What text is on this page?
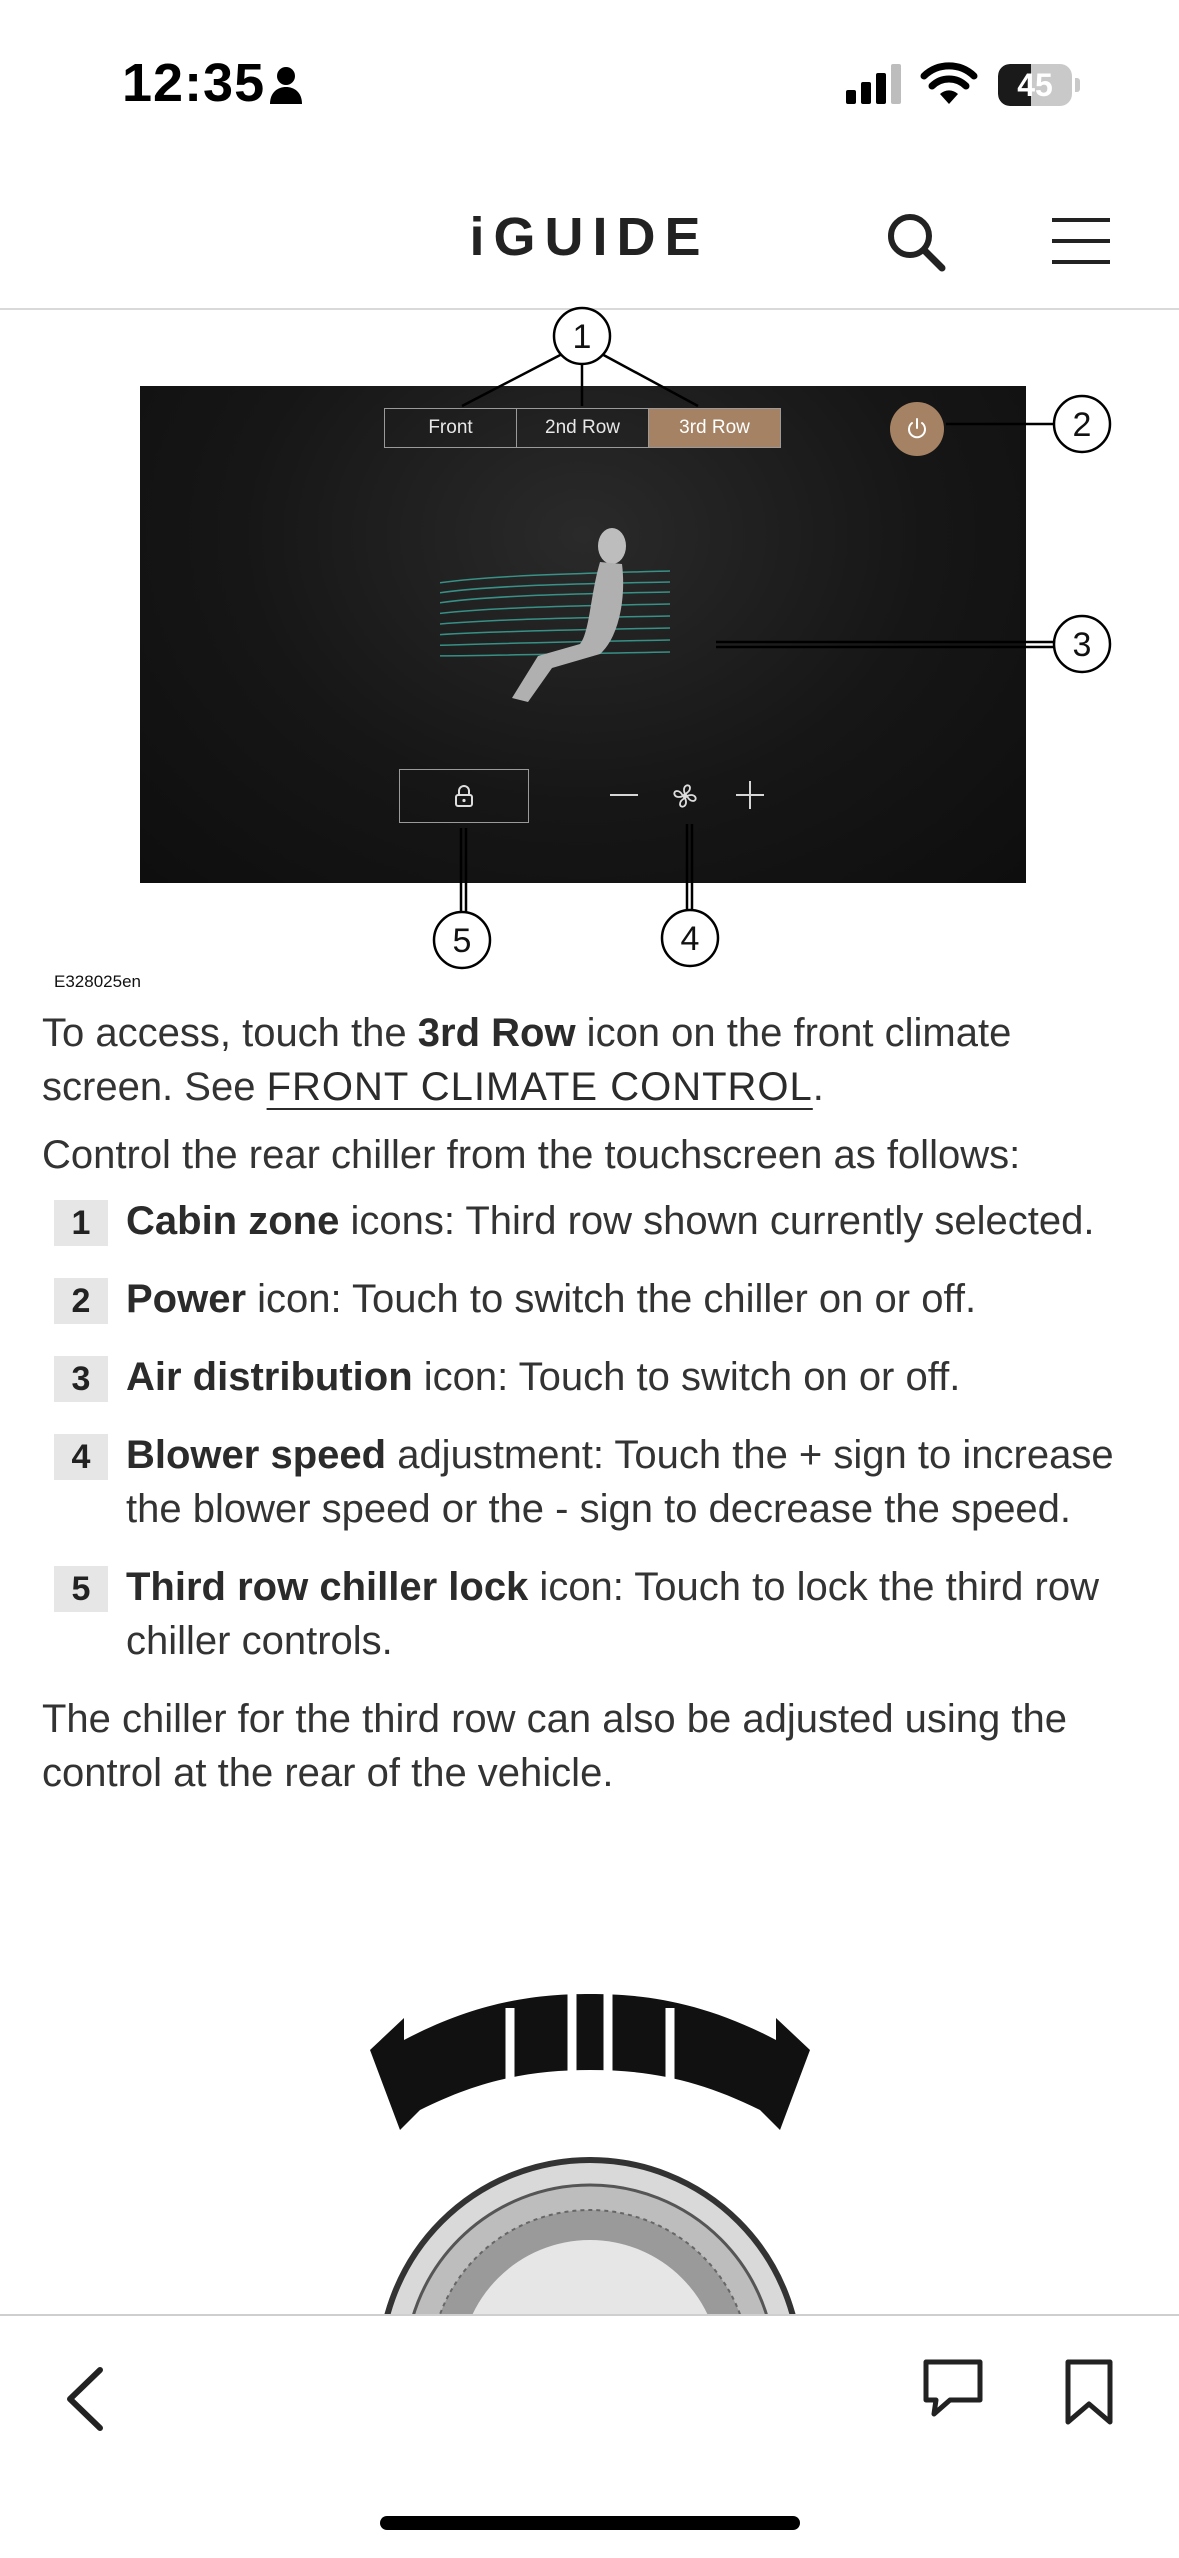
12:35	45
iGUIDE
Front	2nd Row	3rd Row
1
2
3
4
5
E328025en

To access, touch the 3rd Row icon on the front climate screen. See FRONT CLIMATE CONTROL.

Control the rear chiller from the touchscreen as follows:

1 Cabin zone icons: Third row shown currently selected.
2 Power icon: Touch to switch the chiller on or off.
3 Air distribution icon: Touch to switch on or off.
4 Blower speed adjustment: Touch the + sign to increase the blower speed or the - sign to decrease the speed.
5 Third row chiller lock icon: Touch to lock the third row chiller controls.

The chiller for the third row can also be adjusted using the control at the rear of the vehicle.
